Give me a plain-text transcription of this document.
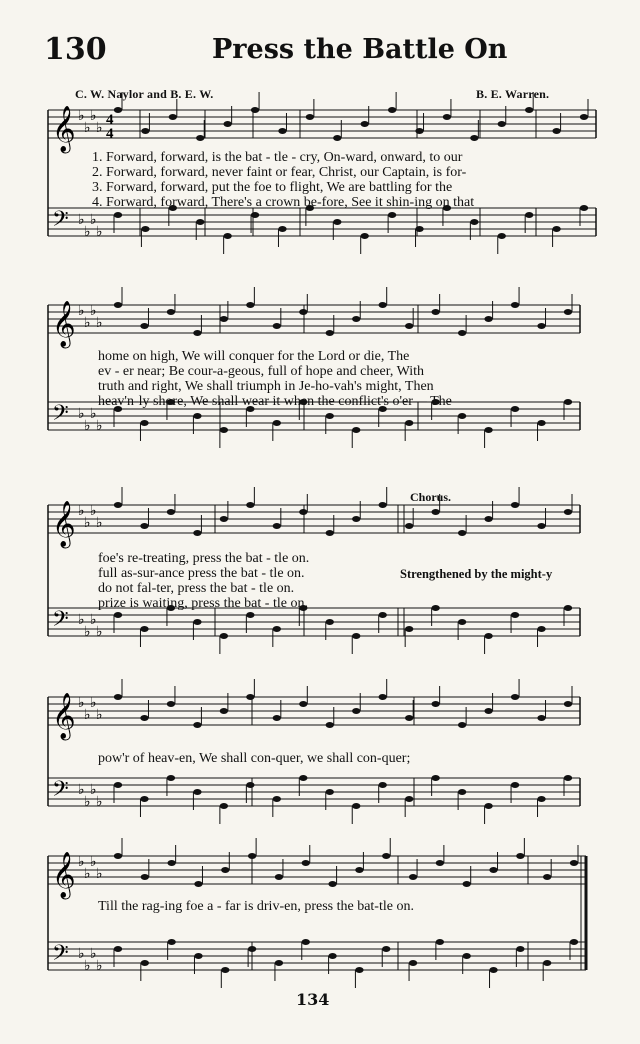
130	Press the Battle On
C. W. Naylor and B. E. W.	B. E. Warren.
Chorus.
𝄞 ♭
♭
♭
♭
𝄢 ♭
♭
♭
♭
4
4
𝄞 ♭
♭
♭
♭
𝄢 ♭
♭
♭
♭
𝄞 ♭
♭
♭
♭
𝄢 ♭
♭
♭
♭
𝄞 ♭
♭
♭
♭
𝄢 ♭
♭
♭
♭
𝄞 ♭
♭
♭
♭
𝄢 ♭
♭
♭
♭
1. Forward, forward, is the bat - tle - cry, On-ward, onward, to our
2. Forward, forward, never faint or fear, Christ, our Captain, is for-
3. Forward, forward, put the foe to flight, We are battling for the
4. Forward, forward, There's a crown be-fore, See it shin-ing on that
home on high, We will conquer for the Lord or die, The
ev - er near; Be cour-a-geous, full of hope and cheer, With
truth and right, We shall triumph in Je-ho-vah's might, Then
heav'n-ly shore, We shall wear it when the conflict's o'er— The
foe's re-treating, press the bat - tle on.
full as-sur-ance press the bat - tle on.
do not fal-ter, press the bat - tle on.
prize is waiting, press the bat - tle on.
Strengthened by the might-y
pow'r of heav-en, We shall con-quer, we shall con-quer;
Till the rag-ing foe a - far is driv-en, press the bat-tle on.
134
